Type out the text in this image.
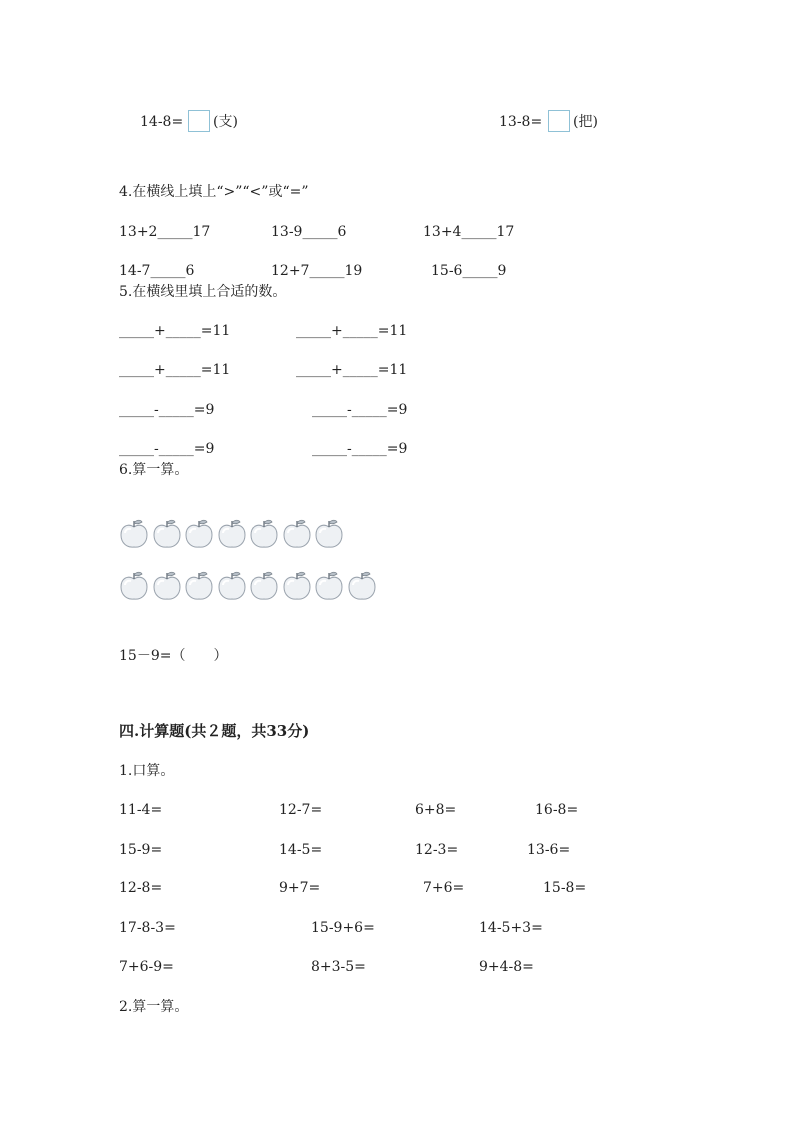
14-8= (支)	13-8= (把)
4.在横线上填上“>”“<”或“=”
13+2_____17	13-9_____6	13+4_____17
14-7_____6	12+7_____19	15-6_____9
5.在横线里填上合适的数。
_____+_____=11	_____+_____=11
_____+_____=11	_____+_____=11
_____-_____=9	_____-_____=9
_____-_____=9	_____-_____=9
6.算一算。
15－9=（　　）
四.计算题(共２题，共33分)
1.口算。
11-4=	12-7=	6+8=	16-8=
15-9=	14-5=	12-3=	13-6=
12-8=	9+7=	7+6=	15-8=
17-8-3=	15-9+6=	14-5+3=
7+6-9=	8+3-5=	9+4-8=
2.算一算。
